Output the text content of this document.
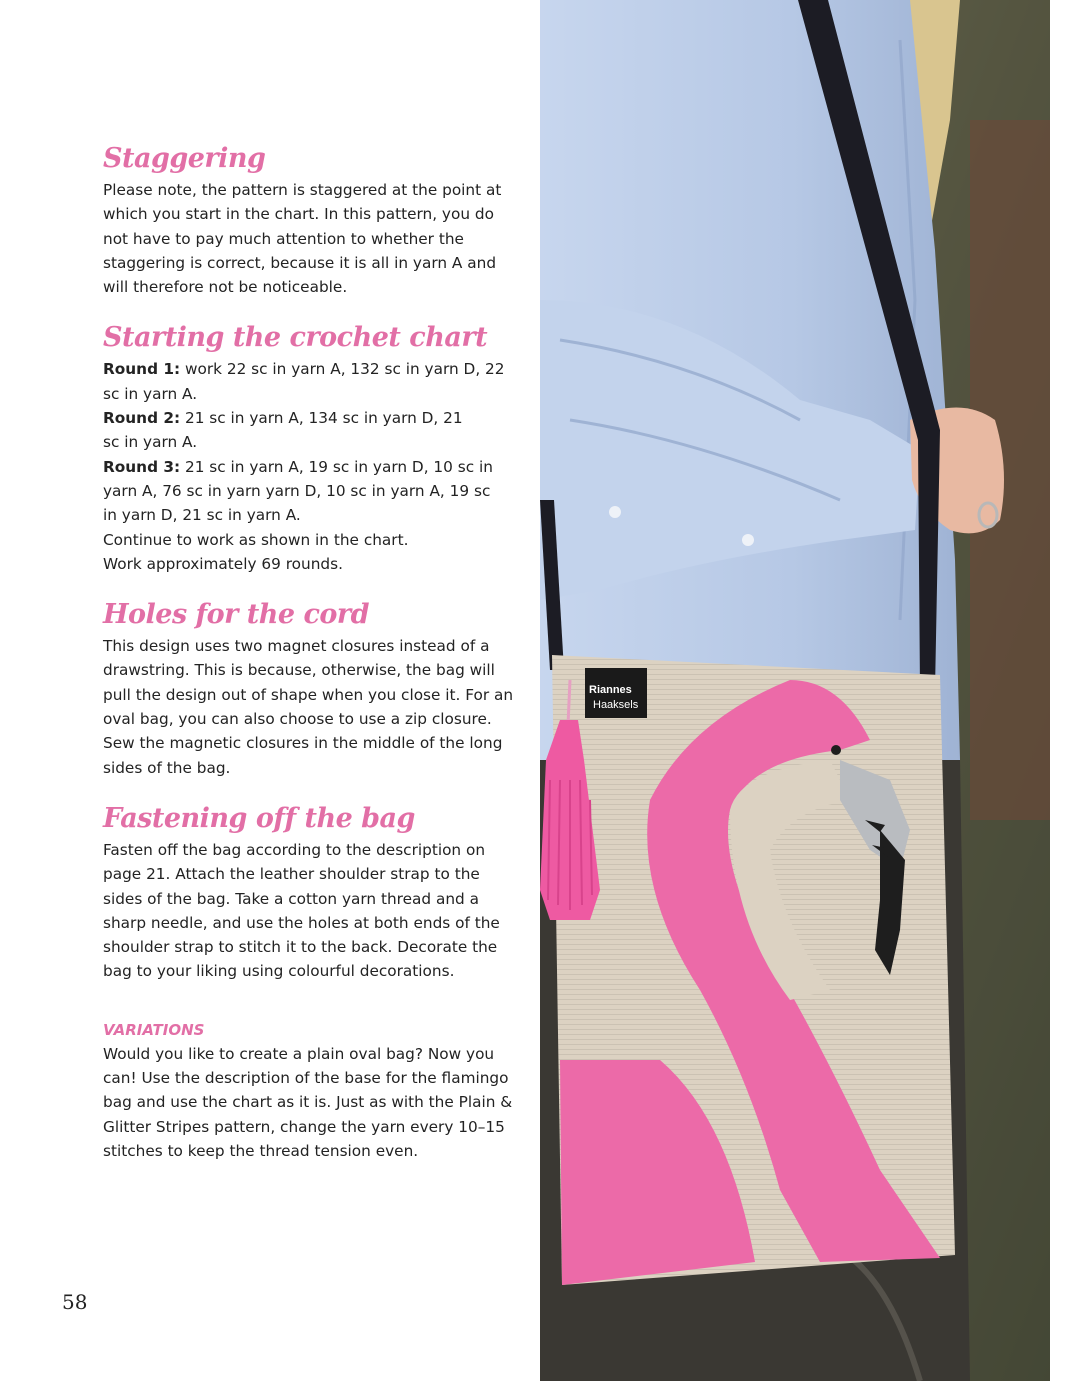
Staggering

Please note, the pattern is staggered at the point at which you start in the chart. In this pattern, you do not have to pay much attention to whether the staggering is correct, because it is all in yarn A and will therefore not be noticeable.

Starting the crochet chart

Round 1: work 22 sc in yarn A, 132 sc in yarn D, 22 sc in yarn A.

Round 2: 21 sc in yarn A, 134 sc in yarn D, 21 sc in yarn A.

Round 3: 21 sc in yarn A, 19 sc in yarn D, 10 sc in yarn A, 76 sc in yarn yarn D, 10 sc in yarn A, 19 sc in yarn D, 21 sc in yarn A.

Continue to work as shown in the chart.

Work approximately 69 rounds.

Holes for the cord

This design uses two magnet closures instead of a drawstring. This is because, otherwise, the bag will pull the design out of shape when you close it. For an oval bag, you can also choose to use a zip closure. Sew the magnetic closures in the middle of the long sides of the bag.

Fastening off the bag

Fasten off the bag according to the description on page 21. Attach the leather shoulder strap to the sides of the bag. Take a cotton yarn thread and a sharp needle, and use the holes at both ends of the shoulder strap to stitch it to the back. Decorate the bag to your liking using colourful decorations.

VARIATIONS

Would you like to create a plain oval bag? Now you can! Use the description of the base for the flamingo bag and use the chart as it is. Just as with the Plain & Glitter Stripes pattern, change the yarn every 10–15 stitches to keep the thread tension even.

58
Riannes
Haaksels
